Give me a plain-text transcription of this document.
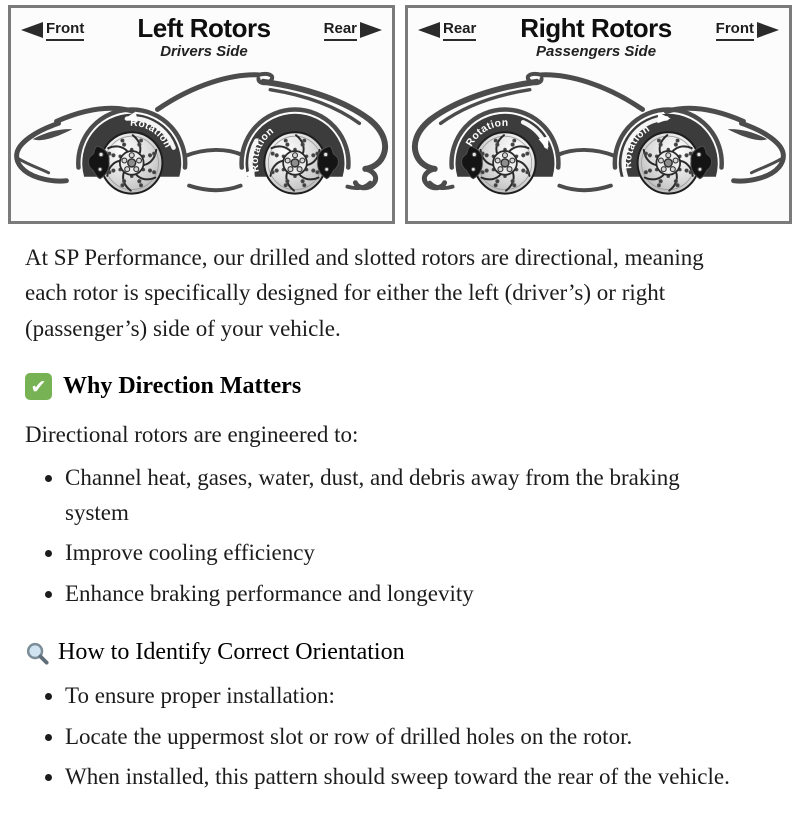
Front	Left Rotors
Drivers Side
Rear
Rotation
Rotation
Rear	Right Rotors
Passengers Side
Front
Rotation
Rotation

At SP Performance, our drilled and slotted rotors are directional, meaning each rotor is specifically designed for either the left (driver’s) or right (passenger’s) side of your vehicle.

✔ Why Direction Matters

Directional rotors are engineered to:

• Channel heat, gases, water, dust, and debris away from the braking system
• Improve cooling efficiency
• Enhance braking performance and longevity
How to Identify Correct Orientation
• To ensure proper installation:
• Locate the uppermost slot or row of drilled holes on the rotor.
• When installed, this pattern should sweep toward the rear of the vehicle.
